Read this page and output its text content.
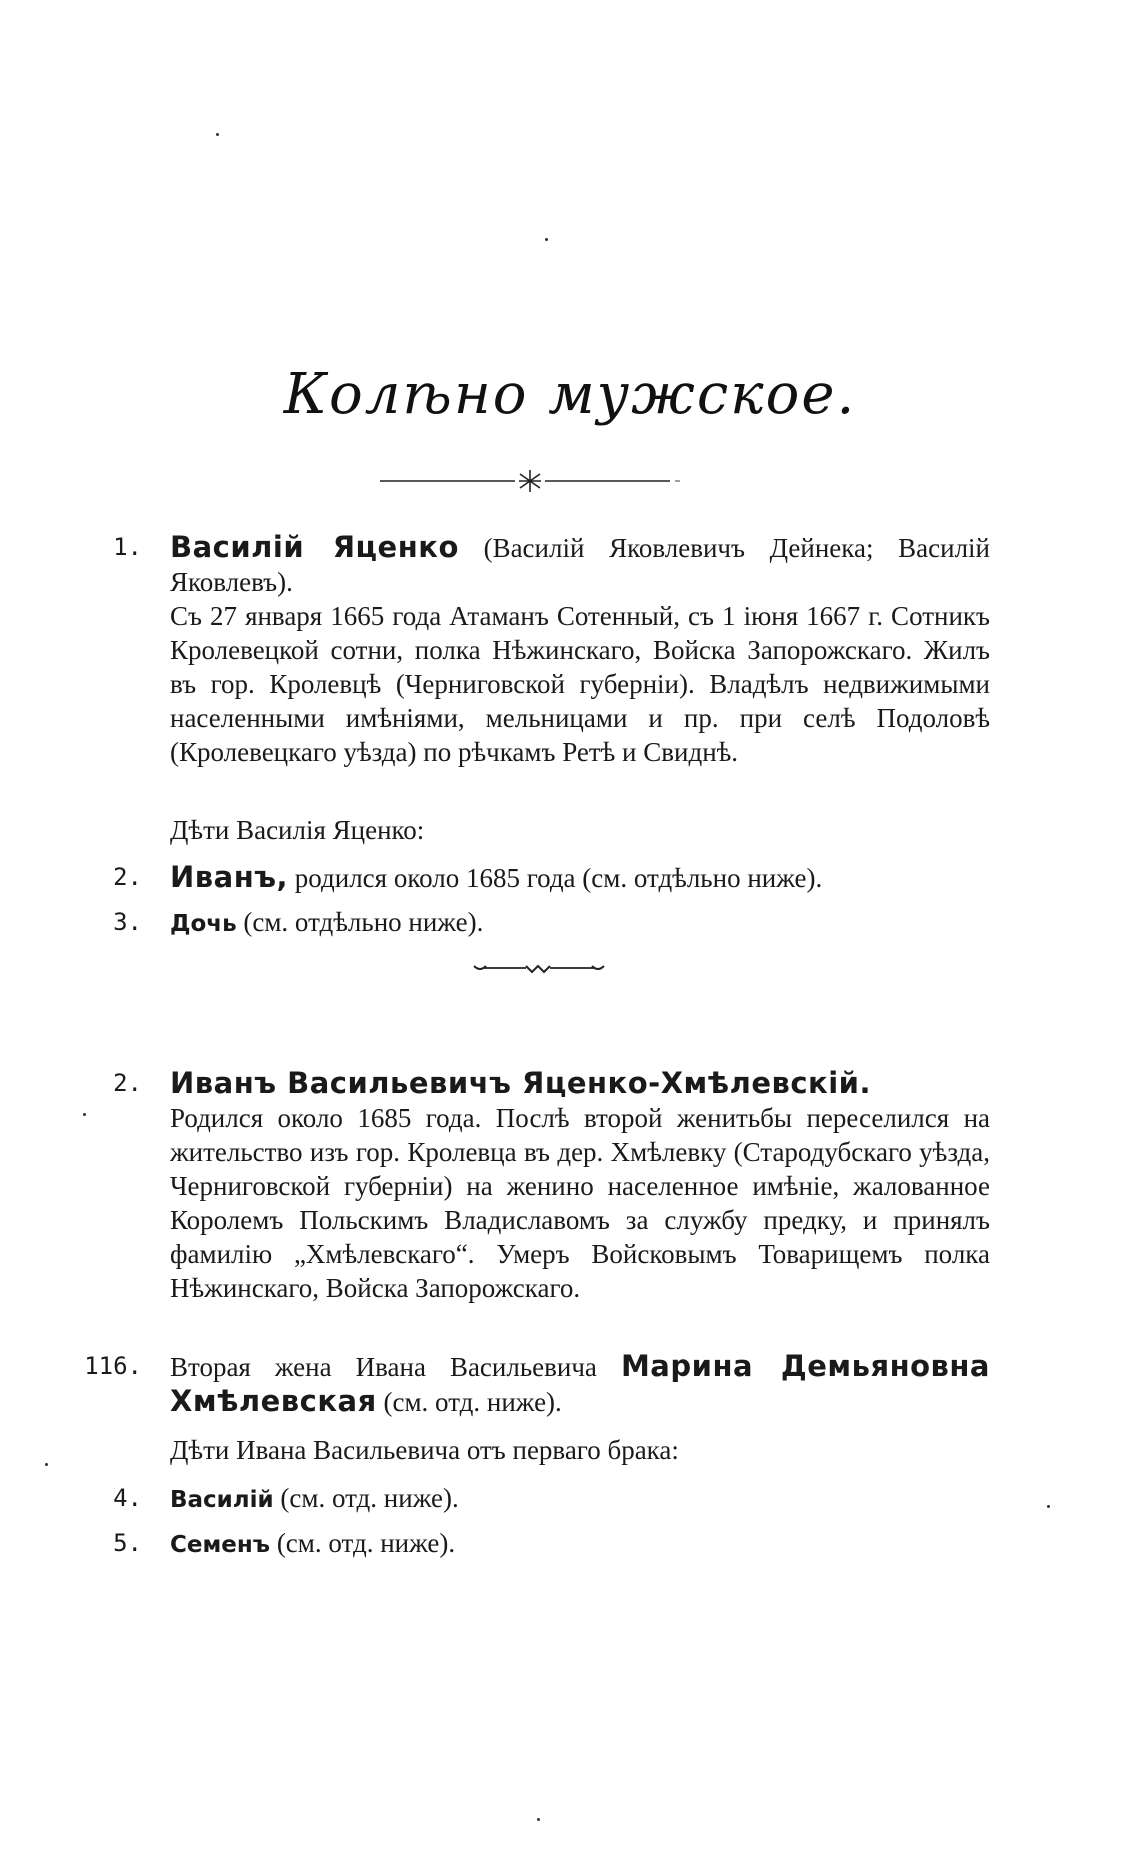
Колѣно мужское.
1. Василій Яценко (Василій Яковлевичъ Дейнека; Василій Яковлевъ).
Съ 27 января 1665 года Атаманъ Сотенный, съ 1 іюня 1667 г. Сотникъ Кролевецкой сотни, полка Нѣжинскаго, Войска Запорожскаго. Жилъ въ гор. Кролевцѣ (Черниговской губерніи). Владѣлъ недвижимыми населенными имѣніями, мельницами и пр. при селѣ Подоловѣ (Кролевецкаго уѣзда) по рѣчкамъ Ретѣ и Свиднѣ.
Дѣти Василія Яценко:
2. Иванъ, родился около 1685 года (см. отдѣльно ниже).
3. Дочь (см. отдѣльно ниже).
2. Иванъ Васильевичъ Яценко-Хмѣлевскій.
Родился около 1685 года. Послѣ второй женитьбы переселился на жительство изъ гор. Кролевца въ дер. Хмѣлевку (Стародубскаго уѣзда, Черниговской губерніи) на женино населенное имѣніе, жалованное Королемъ Польскимъ Владиславомъ за службу предку, и принялъ фамилію „Хмѣлевскаго“. Умеръ Войсковымъ Товарищемъ полка Нѣжинскаго, Войска Запорожскаго.
116. Вторая жена Ивана Васильевича Марина Демьяновна Хмѣлевская (см. отд. ниже).
Дѣти Ивана Васильевича отъ перваго брака:
4. Василій (см. отд. ниже).
5. Семенъ (см. отд. ниже).
